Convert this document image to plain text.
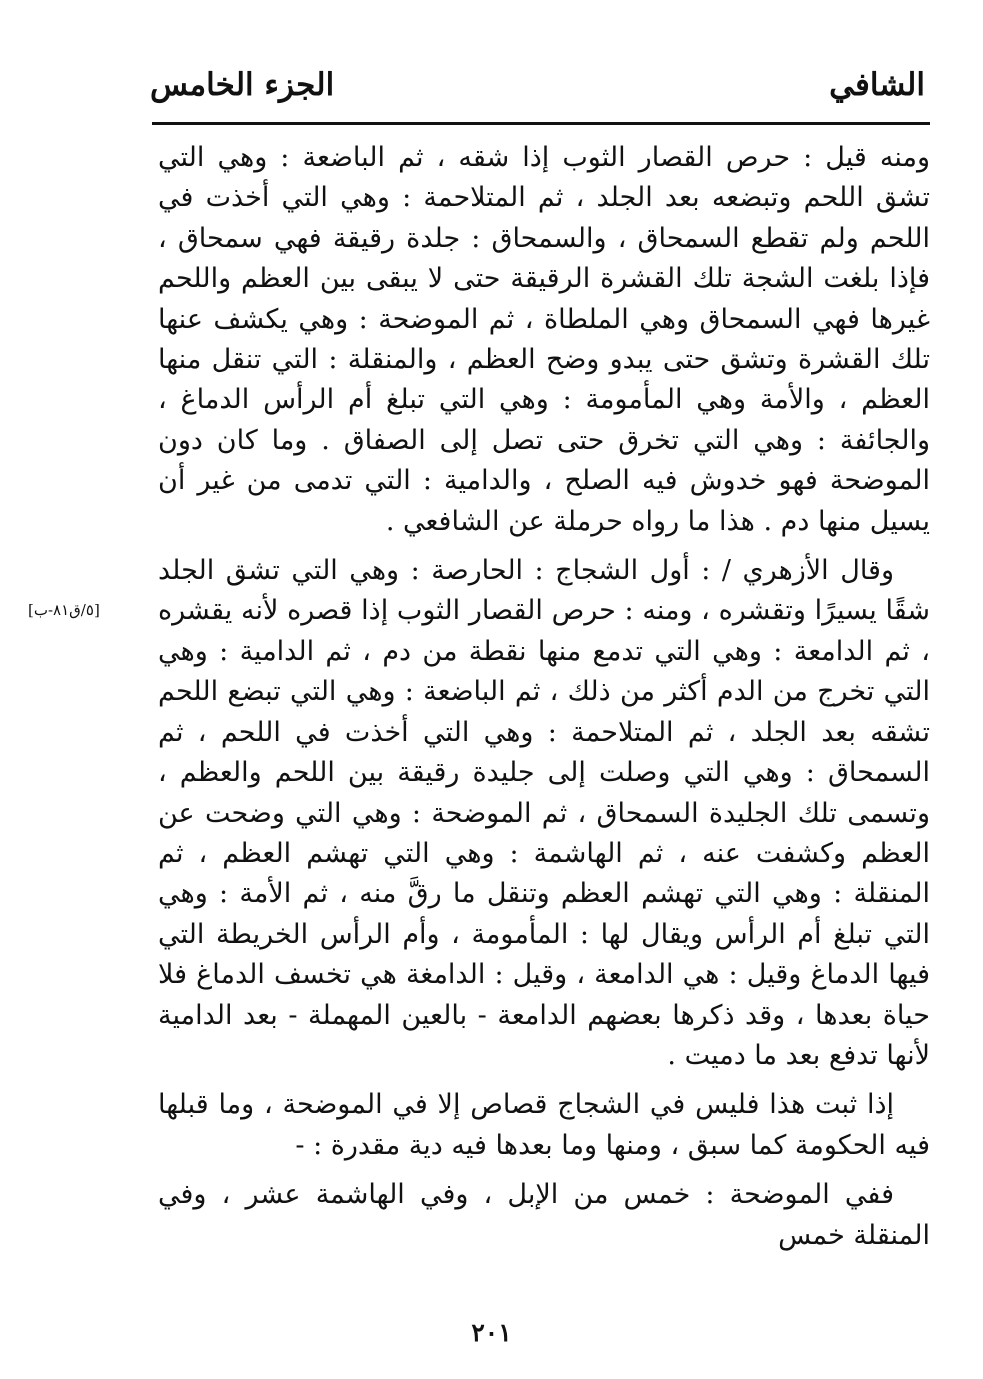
الشافي
الجزء الخامس

ومنه قيل : حرص القصار الثوب إذا شقه ، ثم الباضعة : وهي التي تشق اللحم وتبضعه بعد الجلد ، ثم المتلاحمة : وهي التي أخذت في اللحم ولم تقطع السمحاق ، والسمحاق : جلدة رقيقة فهي سمحاق ، فإذا بلغت الشجة تلك القشرة الرقيقة حتى لا يبقى بين العظم واللحم غيرها فهي السمحاق وهي الملطاة ، ثم الموضحة : وهي يكشف عنها تلك القشرة وتشق حتى يبدو وضح العظم ، والمنقلة : التي تنقل منها العظم ، والأمة وهي المأمومة : وهي التي تبلغ أم الرأس الدماغ ، والجائفة : وهي التي تخرق حتى تصل إلى الصفاق . وما كان دون الموضحة فهو خدوش فيه الصلح ، والدامية : التي تدمى من غير أن يسيل منها دم . هذا ما رواه حرملة عن الشافعي .

وقال الأزهري / : أول الشجاج : الحارصة : وهي التي تشق الجلد شقًا يسيرًا وتقشره ، ومنه : حرص القصار الثوب إذا قصره لأنه يقشره ، ثم الدامعة : وهي التي تدمع منها نقطة من دم ، ثم الدامية : وهي التي تخرج من الدم أكثر من ذلك ، ثم الباضعة : وهي التي تبضع اللحم تشقه بعد الجلد ، ثم المتلاحمة : وهي التي أخذت في اللحم ، ثم السمحاق : وهي التي وصلت إلى جليدة رقيقة بين اللحم والعظم ، وتسمى تلك الجليدة السمحاق ، ثم الموضحة : وهي التي وضحت عن العظم وكشفت عنه ، ثم الهاشمة : وهي التي تهشم العظم ، ثم المنقلة : وهي التي تهشم العظم وتنقل ما رقَّ منه ، ثم الأمة : وهي التي تبلغ أم الرأس ويقال لها : المأمومة ، وأم الرأس الخريطة التي فيها الدماغ وقيل : هي الدامعة ، وقيل : الدامغة هي تخسف الدماغ فلا حياة بعدها ، وقد ذكرها بعضهم الدامعة - بالعين المهملة - بعد الدامية لأنها تدفع بعد ما دميت .

إذا ثبت هذا فليس في الشجاج قصاص إلا في الموضحة ، وما قبلها فيه الحكومة كما سبق ، ومنها وما بعدها فيه دية مقدرة : -

ففي الموضحة : خمس من الإبل ، وفي الهاشمة عشر ، وفي المنقلة خمس

[٥/ق٨١-ب]
٢٠١
